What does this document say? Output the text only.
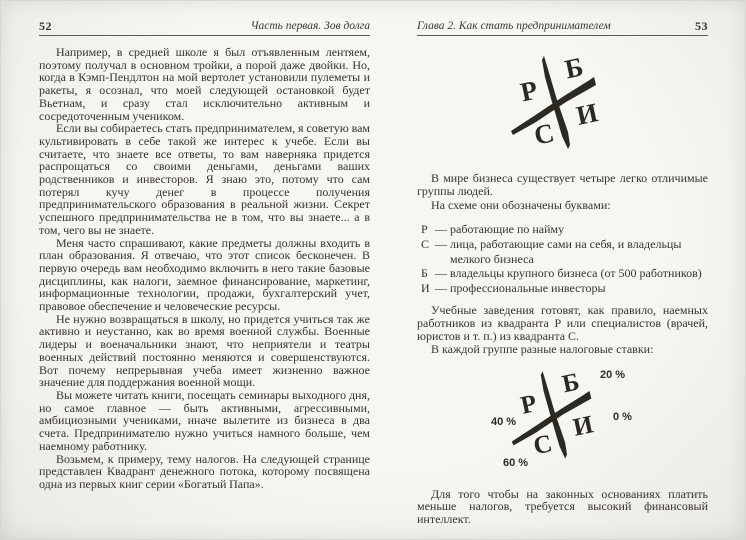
52	Часть первая. Зов долга

Например, в средней школе я был отъявленным лентяем, поэтому получал в основном тройки, а порой даже двойки. Но, когда в Кэмп-Пендлтон на мой вертолет установили пулеметы и ракеты, я осознал, что моей следующей остановкой будет Вьетнам, и сразу стал исключительно активным и сосредоточенным учеником.

Если вы собираетесь стать предпринимателем, я советую вам культивировать в себе такой же интерес к учебе. Если вы считаете, что знаете все ответы, то вам наверняка придется распрощаться со своими деньгами, деньгами ваших родственников и инвесторов. Я знаю это, потому что сам потерял кучу денег в процессе получения предпринимательского образования в реальной жизни. Секрет успешного предпринимательства не в том, что вы знаете... а в том, чего вы не знаете.

Меня часто спрашивают, какие предметы должны входить в план образования. Я отвечаю, что этот список бесконечен. В первую очередь вам необходимо включить в него такие базовые дисциплины, как налоги, заемное финансирование, маркетинг, информационные технологии, продажи, бухгалтерский учет, правовое обеспечение и человеческие ресурсы.

Не нужно возвращаться в школу, но придется учиться так же активно и неустанно, как во время военной службы. Военные лидеры и военачальники знают, что неприятели и театры военных действий постоянно меняются и совершенствуются. Вот почему непрерывная учеба имеет жизненно важное значение для поддержания военной мощи.

Вы можете читать книги, посещать семинары выходного дня, но самое главное — быть активными, агрессивными, амбициозными учениками, иначе вылетите из бизнеса в два счета. Предпринимателю нужно учиться намного больше, чем наемному работнику.

Возьмем, к примеру, тему налогов. На следующей странице представлен Квадрант денежного потока, которому посвящена одна из первых книг серии «Богатый Папа».

Глава 2. Как стать предпринимателем	53
Р
Б
С
И

В мире бизнеса существует четыре легко отличимые группы людей.

На схеме они обозначены буквами:

Р — работающие по найму
С — лица, работающие сами на себя, и владельцы мелкого бизнеса
Б — владельцы крупного бизнеса (от 500 работников)
И — профессиональные инвесторы

Учебные заведения готовят, как правило, наемных работников из квадранта Р или специалистов (врачей, юристов и т. п.) из квадранта С.

В каждой группе разные налоговые ставки:

Р
Б
С
И
20 %
40 %	0 %
60 %

Для того чтобы на законных основаниях платить меньше налогов, требуется высокий финансовый интеллект.
